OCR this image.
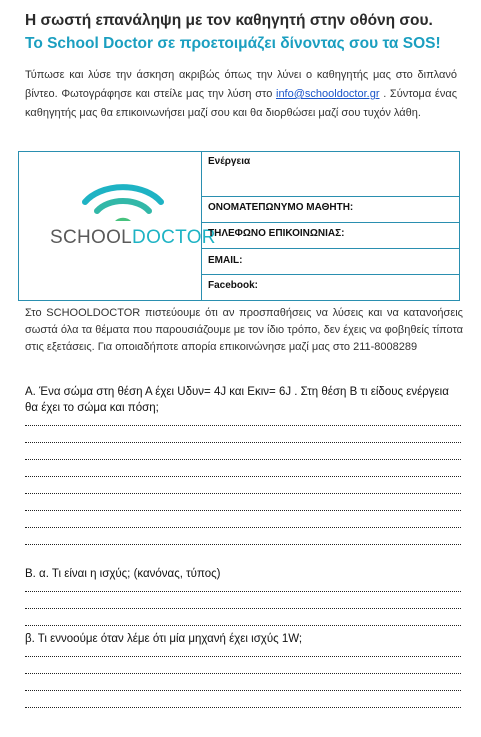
Η σωστή επανάληψη με τον καθηγητή στην οθόνη σου.
Το School Doctor σε προετοιμάζει δίνοντας σου τα SOS!
Τύπωσε και λύσε την άσκηση ακριβώς όπως την λύνει ο καθηγητής μας στο διπλανό βίντεο. Φωτογράφησε και στείλε μας την λύση στο info@schooldoctor.gr . Σύντομα ένας καθηγητής μας θα επικοινωνήσει μαζί σου και θα διορθώσει μαζί σου τυχόν λάθη.
SCHOOLDOCTOR
Ενέργεια
ΟΝΟΜΑΤΕΠΩΝΥΜΟ ΜΑΘΗΤΗ:
ΤΗΛΕΦΩΝΟ ΕΠΙΚΟΙΝΩΝΙΑΣ:
EMAIL:
Facebook:
Στο SCHOOLDOCTOR πιστεύουμε ότι αν προσπαθήσεις να λύσεις και να κατανοήσεις σωστά όλα τα θέματα που παρουσιάζουμε με τον ίδιο τρόπο, δεν έχεις να φοβηθείς τίποτα στις εξετάσεις. Για οποιαδήποτε απορία επικοινώνησε μαζί μας στο 211-8008289
Α. Ένα σώμα στη θέση Α έχει Uδυν= 4J και Εκιν= 6J . Στη θέση Β τι είδους ενέργεια θα έχει το σώμα και πόση;
Β. α. Τι είναι η ισχύς; (κανόνας, τύπος)
β. Τι εννοούμε όταν λέμε ότι μία μηχανή έχει ισχύς 1W;
